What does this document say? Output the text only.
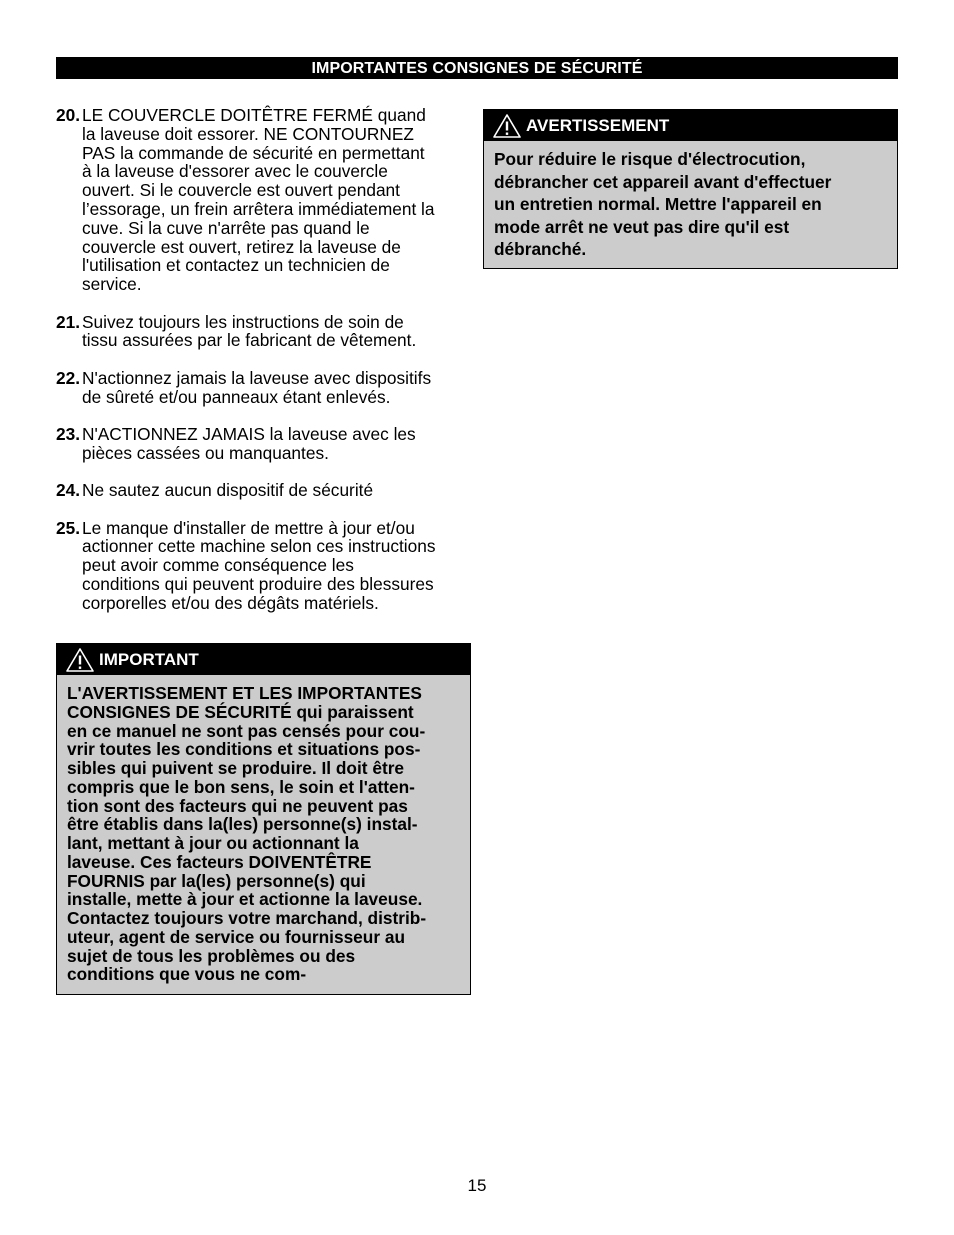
IMPORTANTES CONSIGNES DE SÉCURITÉ
20. LE COUVERCLE DOITÊTRE FERMÉ quand
la laveuse doit essorer. NE CONTOURNEZ
PAS la commande de sécurité en permettant
à la laveuse d'essorer avec le couvercle
ouvert. Si le couvercle est ouvert pendant
l’essorage, un frein arrêtera immédiatement la
cuve. Si la cuve n'arrête pas quand le
couvercle est ouvert, retirez la laveuse de
l'utilisation et contactez un technicien de
service.
21. Suivez toujours les instructions de soin de
tissu assurées par le fabricant de vêtement.
22. N'actionnez jamais la laveuse avec dispositifs
de sûreté et/ou panneaux étant enlevés.
23. N'ACTIONNEZ JAMAIS la laveuse avec les
pièces cassées ou manquantes.
24. Ne sautez aucun dispositif de sécurité
25. Le manque d'installer de mettre à jour et/ou
actionner cette machine selon ces instructions
peut avoir comme conséquence les
conditions qui peuvent produire des blessures
corporelles et/ou des dégâts matériels.
IMPORTANT
L'AVERTISSEMENT ET LES IMPORTANTES
CONSIGNES DE SÉCURITÉ qui paraissent
en ce manuel ne sont pas censés pour cou-
vrir toutes les conditions et situations pos-
sibles qui puivent se produire. Il doit être
compris que le bon sens, le soin et l'atten-
tion sont des facteurs qui ne peuvent pas
être établis dans la(les) personne(s) instal-
lant, mettant à jour ou actionnant la
laveuse. Ces facteurs DOIVENTÊTRE
FOURNIS par la(les) personne(s) qui
installe, mette à jour et actionne la laveuse.
Contactez toujours votre marchand, distrib-
uteur, agent de service ou fournisseur au
sujet de tous les problèmes ou des
conditions que vous ne com-
AVERTISSEMENT
Pour réduire le risque d'électrocution,
débrancher cet appareil avant d'effectuer
un entretien normal. Mettre l'appareil en
mode arrêt ne veut pas dire qu'il est
débranché.
15
